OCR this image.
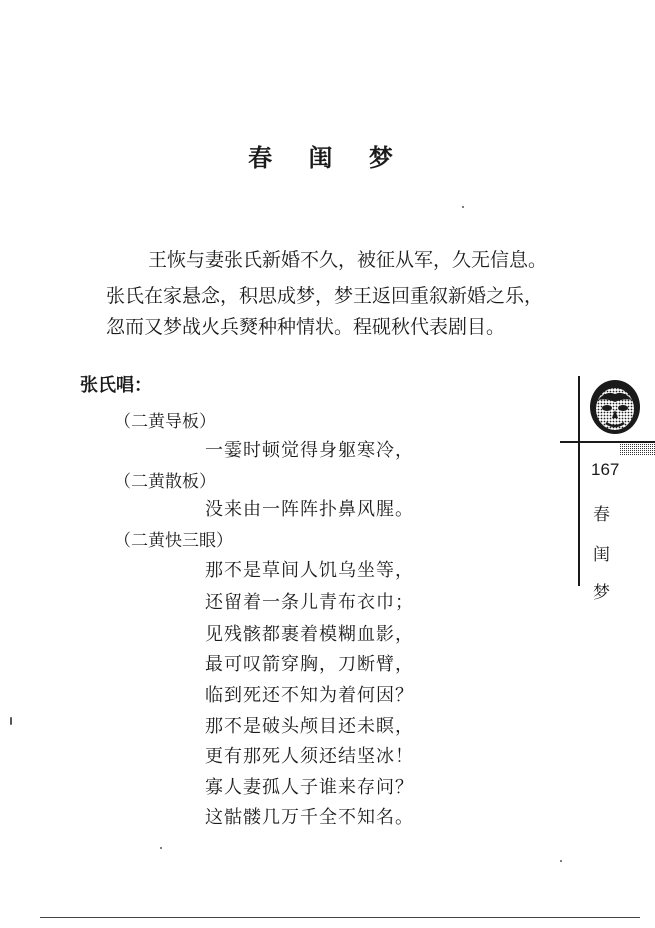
春 闺 梦
王恢与妻张氏新婚不久，被征从军，久无信息。
张氏在家悬念，积思成梦，梦王返回重叙新婚之乐，
忽而又梦战火兵燹种种情状。程砚秋代表剧目。
张氏唱：
（二黄导板）
一霎时顿觉得身躯寒冷，
（二黄散板）
没来由一阵阵扑鼻风腥。
（二黄快三眼）
那不是草间人饥乌坐等，
还留着一条儿青布衣巾；
见残骸都裹着模糊血影，
最可叹箭穿胸，刀断臂，
临到死还不知为着何因？
那不是破头颅目还未瞑，
更有那死人须还结坚冰！
寡人妻孤人子谁来存问？
这骷髅几万千全不知名。
167
春
闺
梦
